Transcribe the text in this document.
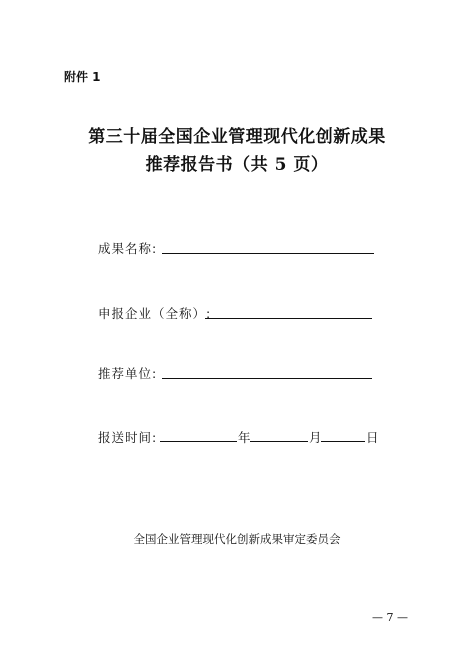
附件 1
第三十届全国企业管理现代化创新成果
推荐报告书（共 5 页）
成果名称:
申报企业（全称）:
推荐单位:
报送时间:	年	月	日
全国企业管理现代化创新成果审定委员会
— 7 —
